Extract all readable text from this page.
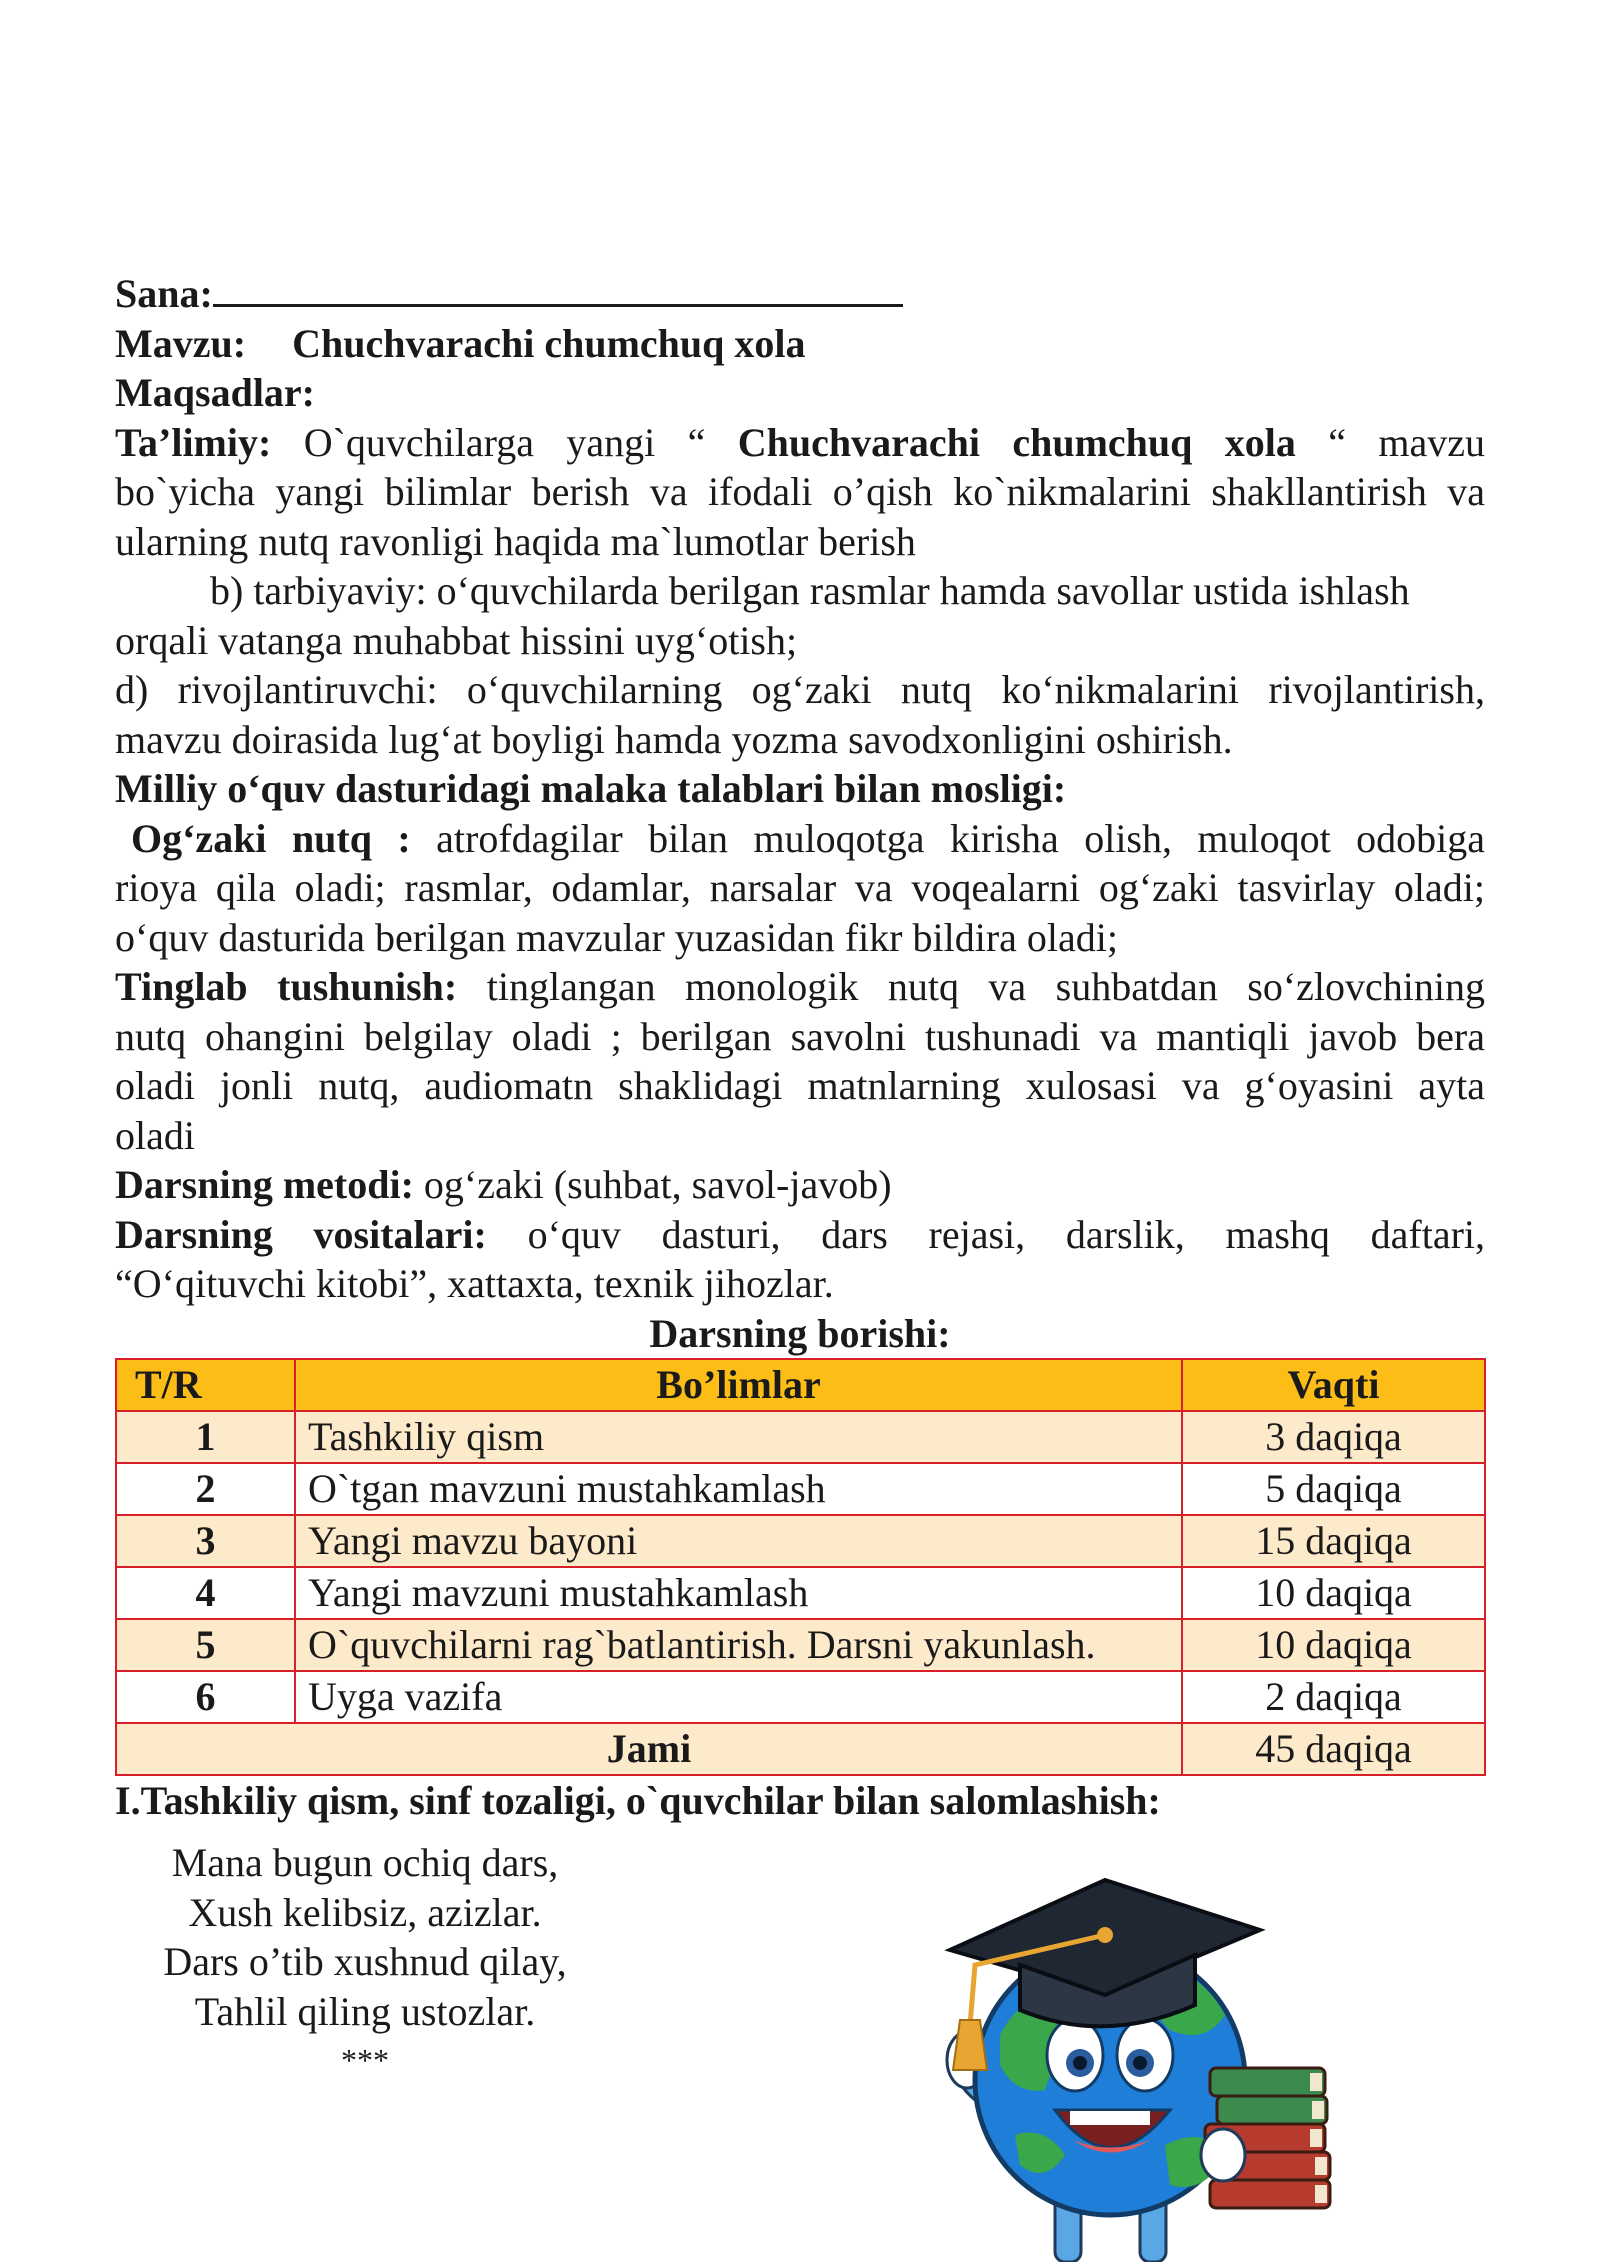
Sana:
Mavzu: Chuchvarachi chumchuq xola
Maqsadlar:
Ta’limiy: O`quvchilarga yangi “ Chuchvarachi chumchuq xola “ mavzu
bo`yicha yangi bilimlar berish va ifodali o’qish ko`nikmalarini shakllantirish va
ularning nutq ravonligi haqida ma`lumotlar berish
b) tarbiyaviy: o‘quvchilarda berilgan rasmlar hamda savollar ustida ishlash
orqali vatanga muhabbat hissini uyg‘otish;
d) rivojlantiruvchi: o‘quvchilarning og‘zaki nutq ko‘nikmalarini rivojlantirish,
mavzu doirasida lug‘at boyligi hamda yozma savodxonligini oshirish.
Milliy o‘quv dasturidagi malaka talablari bilan mosligi:
Og‘zaki nutq : atrofdagilar bilan muloqotga kirisha olish, muloqot odobiga
rioya qila oladi; rasmlar, odamlar, narsalar va voqealarni og‘zaki tasvirlay oladi;
o‘quv dasturida berilgan mavzular yuzasidan fikr bildira oladi;
Tinglab tushunish: tinglangan monologik nutq va suhbatdan so‘zlovchining
nutq ohangini belgilay oladi ; berilgan savolni tushunadi va mantiqli javob bera
oladi jonli nutq, audiomatn shaklidagi matnlarning xulosasi va g‘oyasini ayta
oladi
Darsning metodi: og‘zaki (suhbat, savol-javob)
Darsning vositalari: o‘quv dasturi, dars rejasi, darslik, mashq daftari,
“O‘qituvchi kitobi”, xattaxta, texnik jihozlar.
Darsning borishi:
T/R	Bo’limlar	Vaqti
1	Tashkiliy qism	3 daqiqa
2	O`tgan mavzuni mustahkamlash	5 daqiqa
3	Yangi mavzu bayoni	15 daqiqa
4	Yangi mavzuni mustahkamlash	10 daqiqa
5	O`quvchilarni rag`batlantirish. Darsni yakunlash.	10 daqiqa
6	Uyga vazifa	2 daqiqa
Jami		45 daqiqa
I.Tashkiliy qism, sinf tozaligi, o`quvchilar bilan salomlashish:
Mana bugun ochiq dars,
Xush kelibsiz, azizlar.
Dars o’tib xushnud qilay,
Tahlil qiling ustozlar.
***
